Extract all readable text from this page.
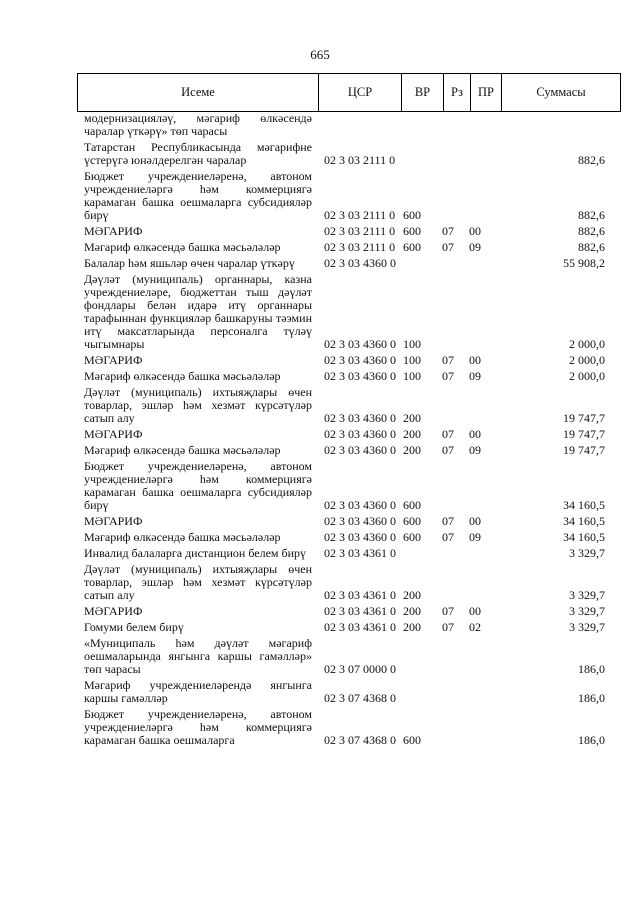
665
Исеме	ЦСР	ВР	Рз	ПР	Суммасы
модернизацияләү, мәгариф өлкәсендә чаралар үткәрү» төп чарасы
Татарстан Республикасында мәгарифне үстерүгә юнәлдерелгән чаралар	02 3 03 2111 0	882,6
Бюджет учреждениеләренә, автоном учреждениеләргә һәм коммерциягә карамаган башка оешмаларга субсидияләр бирү	02 3 03 2111 0 600	882,6
МӘГАРИФ	02 3 03 2111 0 600	07	00	882,6
Мәгариф өлкәсендә башка мәсьәләләр	02 3 03 2111 0 600	07	09	882,6
Балалар һәм яшьләр өчен чаралар үткәрү	02 3 03 4360 0	55 908,2
Дәүләт (муниципаль) органнары, казна учреждениеләре, бюджеттан тыш дәүләт фондлары белән идарә итү органнары тарафыннан функцияләр башкаруны тәэмин итү максатларында персоналга түләү чыгымнары	02 3 03 4360 0 100	2 000,0
МӘГАРИФ	02 3 03 4360 0 100	07	00	2 000,0
Мәгариф өлкәсендә башка мәсьәләләр	02 3 03 4360 0 100	07	09	2 000,0
Дәүләт (муниципаль) ихтыяҗлары өчен товарлар, эшләр һәм хезмәт күрсәтүләр сатып алу	02 3 03 4360 0 200	19 747,7
МӘГАРИФ	02 3 03 4360 0 200	07	00	19 747,7
Мәгариф өлкәсендә башка мәсьәләләр	02 3 03 4360 0 200	07	09	19 747,7
Бюджет учреждениеләренә, автоном учреждениеләргә һәм коммерциягә карамаган башка оешмаларга субсидияләр бирү	02 3 03 4360 0 600	34 160,5
МӘГАРИФ	02 3 03 4360 0 600	07	00	34 160,5
Мәгариф өлкәсендә башка мәсьәләләр	02 3 03 4360 0 600	07	09	34 160,5
Инвалид балаларга дистанцион белем бирү	02 3 03 4361 0	3 329,7
Дәүләт (муниципаль) ихтыяҗлары өчен товарлар, эшләр һәм хезмәт күрсәтүләр сатып алу	02 3 03 4361 0 200	3 329,7
МӘГАРИФ	02 3 03 4361 0 200	07	00	3 329,7
Гомуми белем бирү	02 3 03 4361 0 200	07	02	3 329,7
«Муниципаль һәм дәүләт мәгариф оешмаларында янгынга каршы гамәлләр» төп чарасы	02 3 07 0000 0	186,0
Мәгариф учреждениеләрендә янгынга каршы гамәлләр	02 3 07 4368 0	186,0
Бюджет учреждениеләренә, автоном учреждениеләргә һәм коммерциягә карамаган башка оешмаларга	02 3 07 4368 0 600	186,0
